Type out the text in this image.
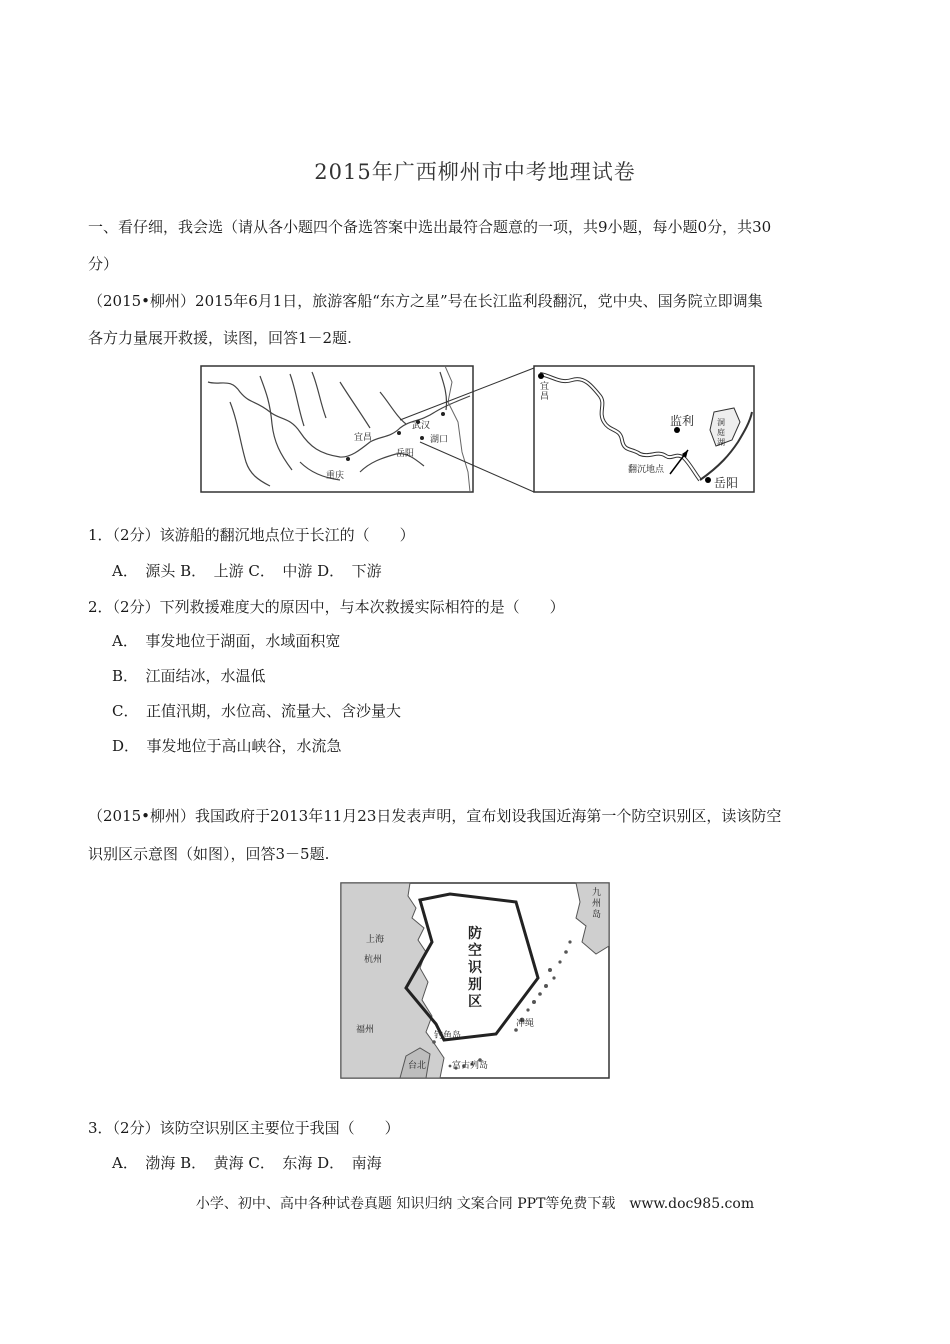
2015年广西柳州市中考地理试卷
一、看仔细，我会选（请从各小题四个备选答案中选出最符合题意的一项，共9小题，每小题0分，共30
分）
（2015•柳州）2015年6月1日，旅游客船“东方之星”号在长江监利段翻沉，党中央、国务院立即调集
各方力量展开救援，读图，回答1－2题.
宜昌
武汉
湖口
重庆
岳阳
宜昌
监利
翻沉地点
岳阳
洞庭湖
1．（2分）该游船的翻沉地点位于长江的（　　）
A．　源头 B．　上游 C．　中游 D．　下游
2．（2分）下列救援难度大的原因中，与本次救援实际相符的是（　　）
A．　事发地位于湖面，水域面积宽
B．　江面结冰，水温低
C．　正值汛期，水位高、流量大、含沙量大
D．　事发地位于高山峡谷，水流急
（2015•柳州）我国政府于2013年11月23日发表声明，宣布划设我国近海第一个防空识别区，读该防空
识别区示意图（如图），回答3－5题.
上海
杭州
福州
台北
防空识别区
钓鱼岛
宫古列岛
冲绳
九州岛
3．（2分）该防空识别区主要位于我国（　　）
A．　渤海 B．　黄海 C．　东海 D．　南海
小学、初中、高中各种试卷真题 知识归纳 文案合同 PPT等免费下载　www.doc985.com
